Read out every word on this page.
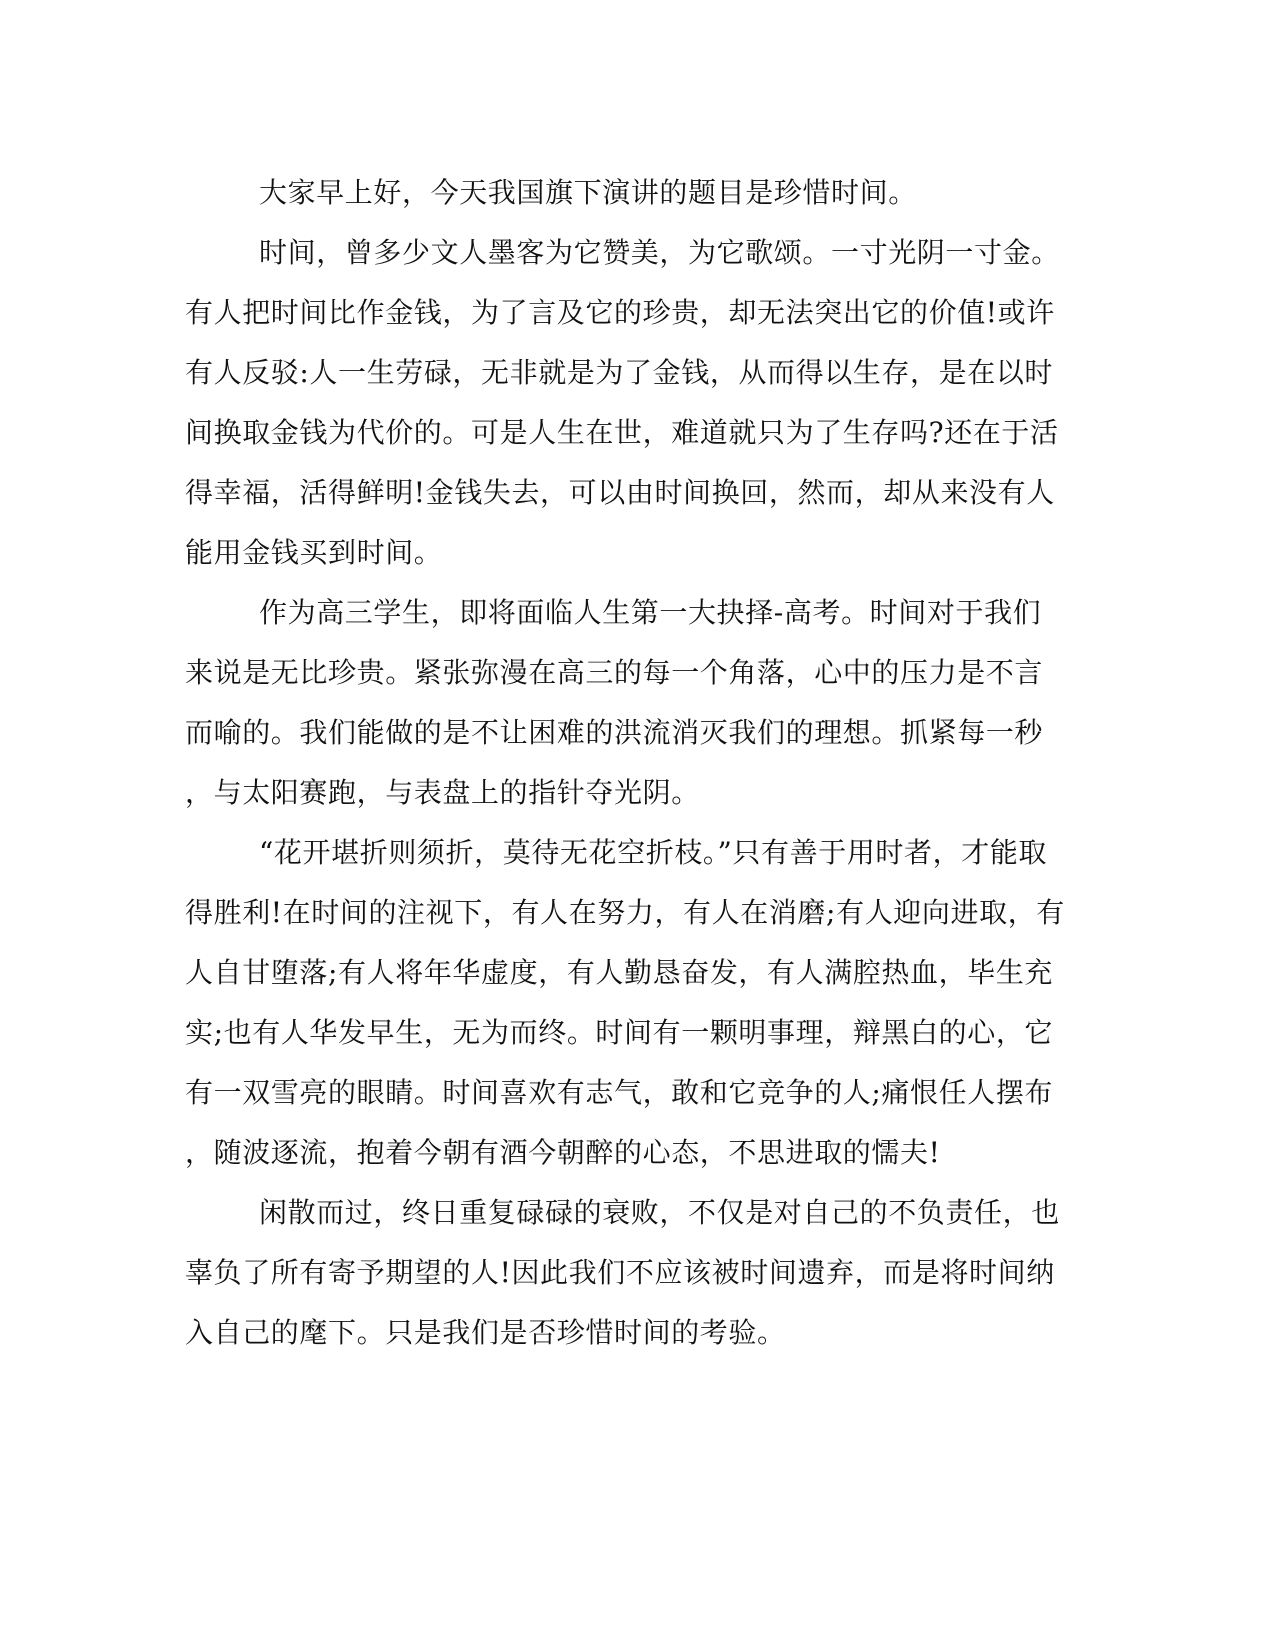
大家早上好，今天我国旗下演讲的题目是珍惜时间。
时间，曾多少文人墨客为它赞美，为它歌颂。一寸光阴一寸金。
有人把时间比作金钱，为了言及它的珍贵，却无法突出它的价值!或许
有人反驳:人一生劳碌，无非就是为了金钱，从而得以生存，是在以时
间换取金钱为代价的。可是人生在世，难道就只为了生存吗?还在于活
得幸福，活得鲜明!金钱失去，可以由时间换回，然而，却从来没有人
能用金钱买到时间。
作为高三学生，即将面临人生第一大抉择-高考。时间对于我们
来说是无比珍贵。紧张弥漫在高三的每一个角落，心中的压力是不言
而喻的。我们能做的是不让困难的洪流消灭我们的理想。抓紧每一秒
，与太阳赛跑，与表盘上的指针夺光阴。
“花开堪折则须折，莫待无花空折枝。”只有善于用时者，才能取
得胜利!在时间的注视下，有人在努力，有人在消磨;有人迎向进取，有
人自甘堕落;有人将年华虚度，有人勤恳奋发，有人满腔热血，毕生充
实;也有人华发早生，无为而终。时间有一颗明事理，辩黑白的心，它
有一双雪亮的眼睛。时间喜欢有志气，敢和它竞争的人;痛恨任人摆布
，随波逐流，抱着今朝有酒今朝醉的心态，不思进取的懦夫!
闲散而过，终日重复碌碌的衰败，不仅是对自己的不负责任，也
辜负了所有寄予期望的人!因此我们不应该被时间遗弃，而是将时间纳
入自己的麾下。只是我们是否珍惜时间的考验。
